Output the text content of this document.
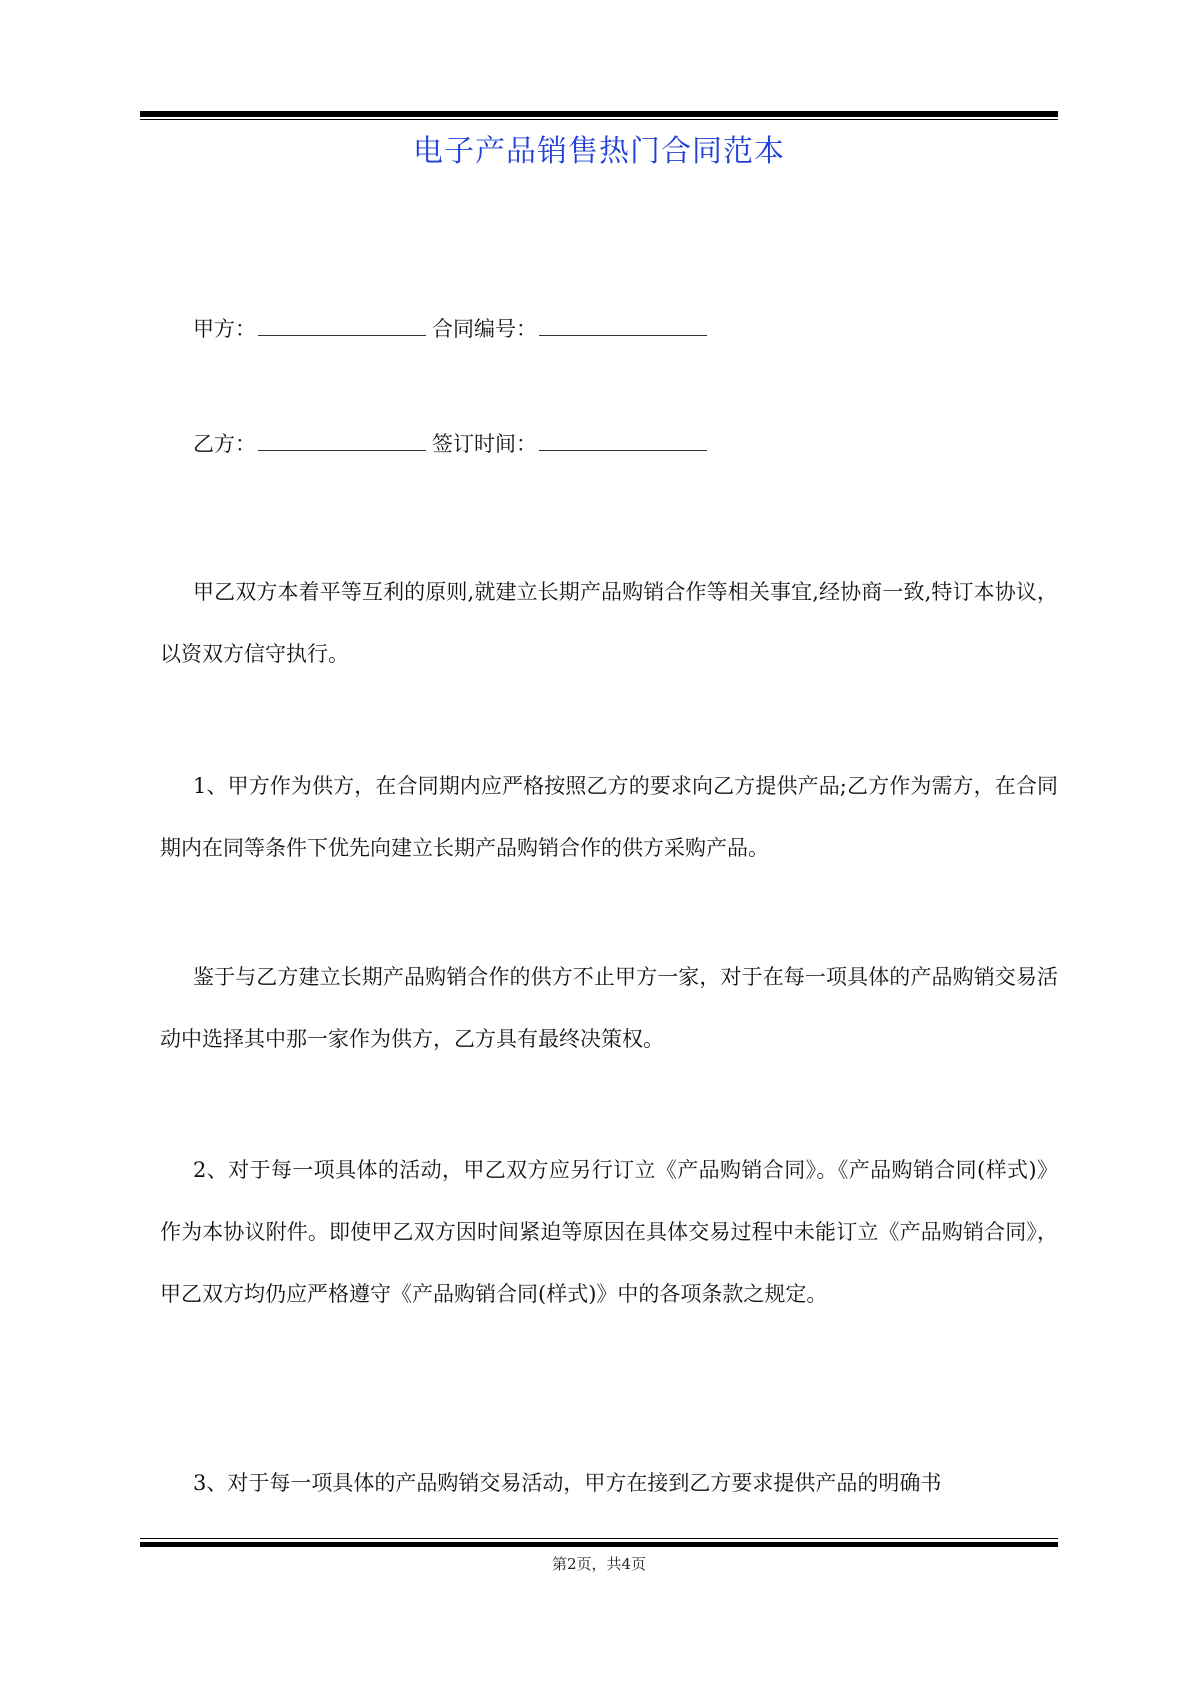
电子产品销售热门合同范本
甲方：	合同编号：
乙方：	签订时间：

甲乙双方本着平等互利的原则,就建立长期产品购销合作等相关事宜,经协商一致,特订本协议，以资双方信守执行。

1、甲方作为供方，在合同期内应严格按照乙方的要求向乙方提供产品;乙方作为需方，在合同期内在同等条件下优先向建立长期产品购销合作的供方采购产品。

鉴于与乙方建立长期产品购销合作的供方不止甲方一家，对于在每一项具体的产品购销交易活动中选择其中那一家作为供方，乙方具有最终决策权。

2、对于每一项具体的活动，甲乙双方应另行订立《产品购销合同》。《产品购销合同(样式)》作为本协议附件。即使甲乙双方因时间紧迫等原因在具体交易过程中未能订立《产品购销合同》，甲乙双方均仍应严格遵守《产品购销合同(样式)》中的各项条款之规定。

3、对于每一项具体的产品购销交易活动，甲方在接到乙方要求提供产品的明确书

第2页，共4页
